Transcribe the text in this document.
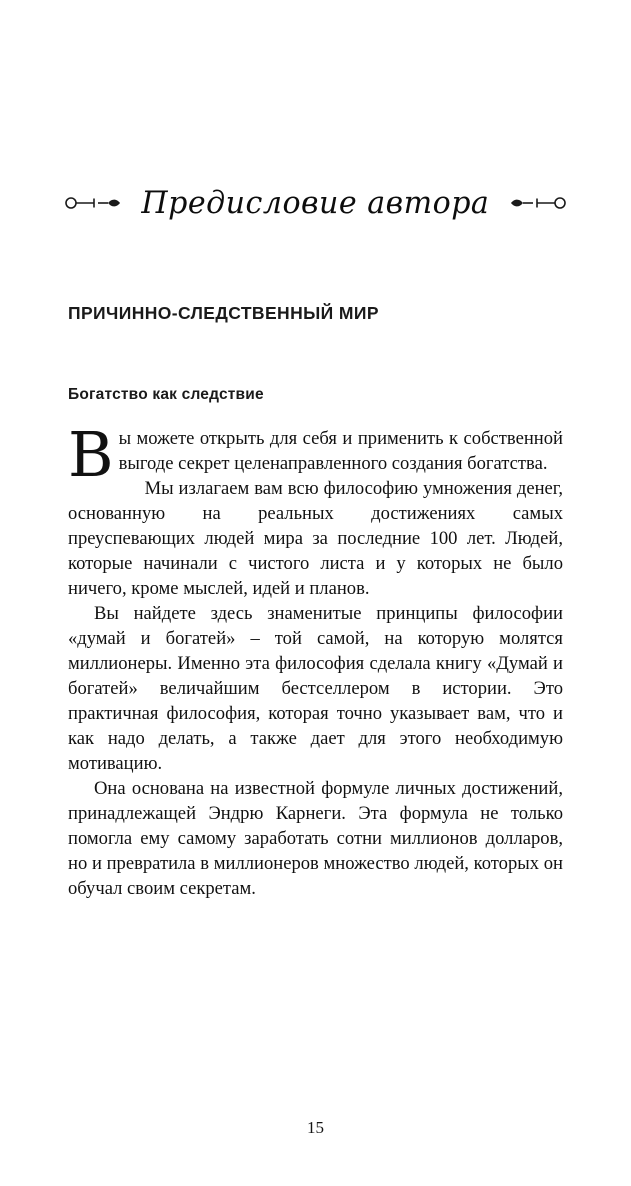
Предисловие автора
ПРИЧИННО-СЛЕДСТВЕННЫЙ МИР
Богатство как следствие

Вы можете открыть для себя и применить к собственной выгоде секрет целенаправленного создания богатства.

Мы излагаем вам всю философию умножения денег, основанную на реальных достижениях самых преуспевающих людей мира за последние 100 лет. Людей, которые начинали с чистого листа и у которых не было ничего, кроме мыслей, идей и планов.

Вы найдете здесь знаменитые принципы философии «думай и богатей» – той самой, на которую молятся миллионеры. Именно эта философия сделала книгу «Думай и богатей» величайшим бестселлером в истории. Это практичная философия, которая точно указывает вам, что и как надо делать, а также дает для этого необходимую мотивацию.

Она основана на известной формуле личных достижений, принадлежащей Эндрю Карнеги. Эта формула не только помогла ему самому заработать сотни миллионов долларов, но и превратила в миллионеров множество людей, которых он обучал своим секретам.

15
